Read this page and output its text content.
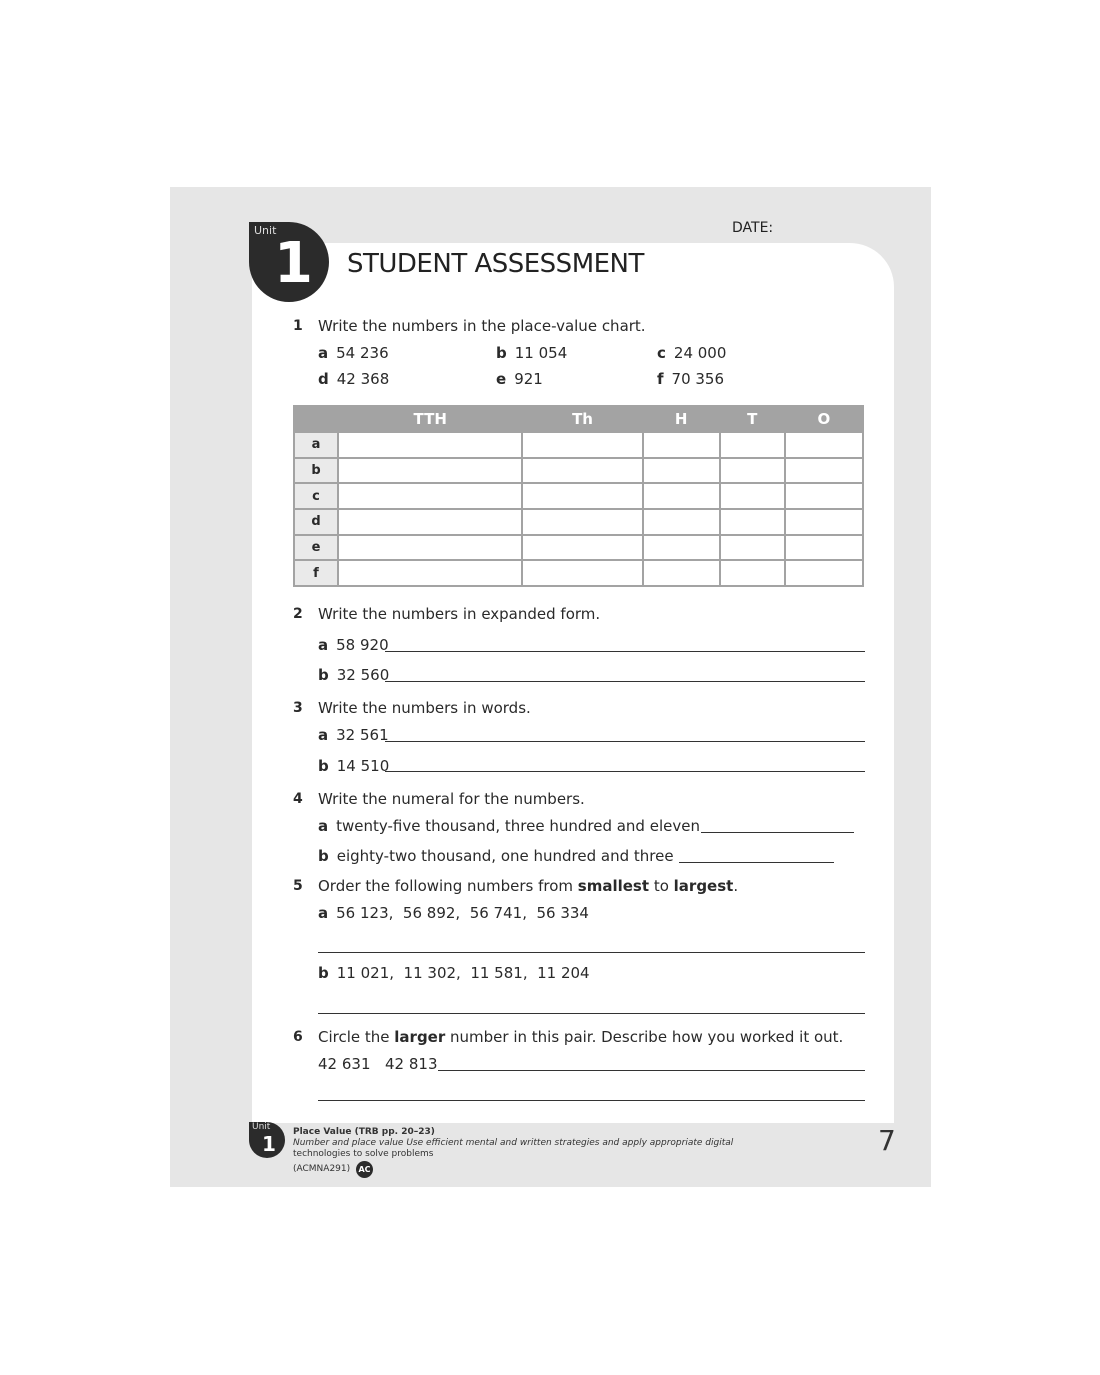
Unit
1 STUDENT ASSESSMENT
DATE:
1 Write the numbers in the place-value chart.
a 54 236	b 11 054	c 24 000
d 42 368	e 921	f 70 356
	TTH	Th	H	T	O
a					
b					
c					
d					
e					
f					
2 Write the numbers in expanded form.
a 58 920
b 32 560
3 Write the numbers in words.
a 32 561
b 14 510
4 Write the numeral for the numbers.
a twenty-five thousand, three hundred and eleven
b eighty-two thousand, one hundred and three
5 Order the following numbers from smallest to largest.
a 56 123,  56 892,  56 741,  56 334
b 11 021,  11 302,  11 581,  11 204
6 Circle the larger number in this pair. Describe how you worked it out.
42 631 42 813
Unit
1 Place Value (TRB pp. 20–23)
Number and place value Use efficient mental and written strategies and apply appropriate digital
technologies to solve problems
(ACMNA291)	AC
7
